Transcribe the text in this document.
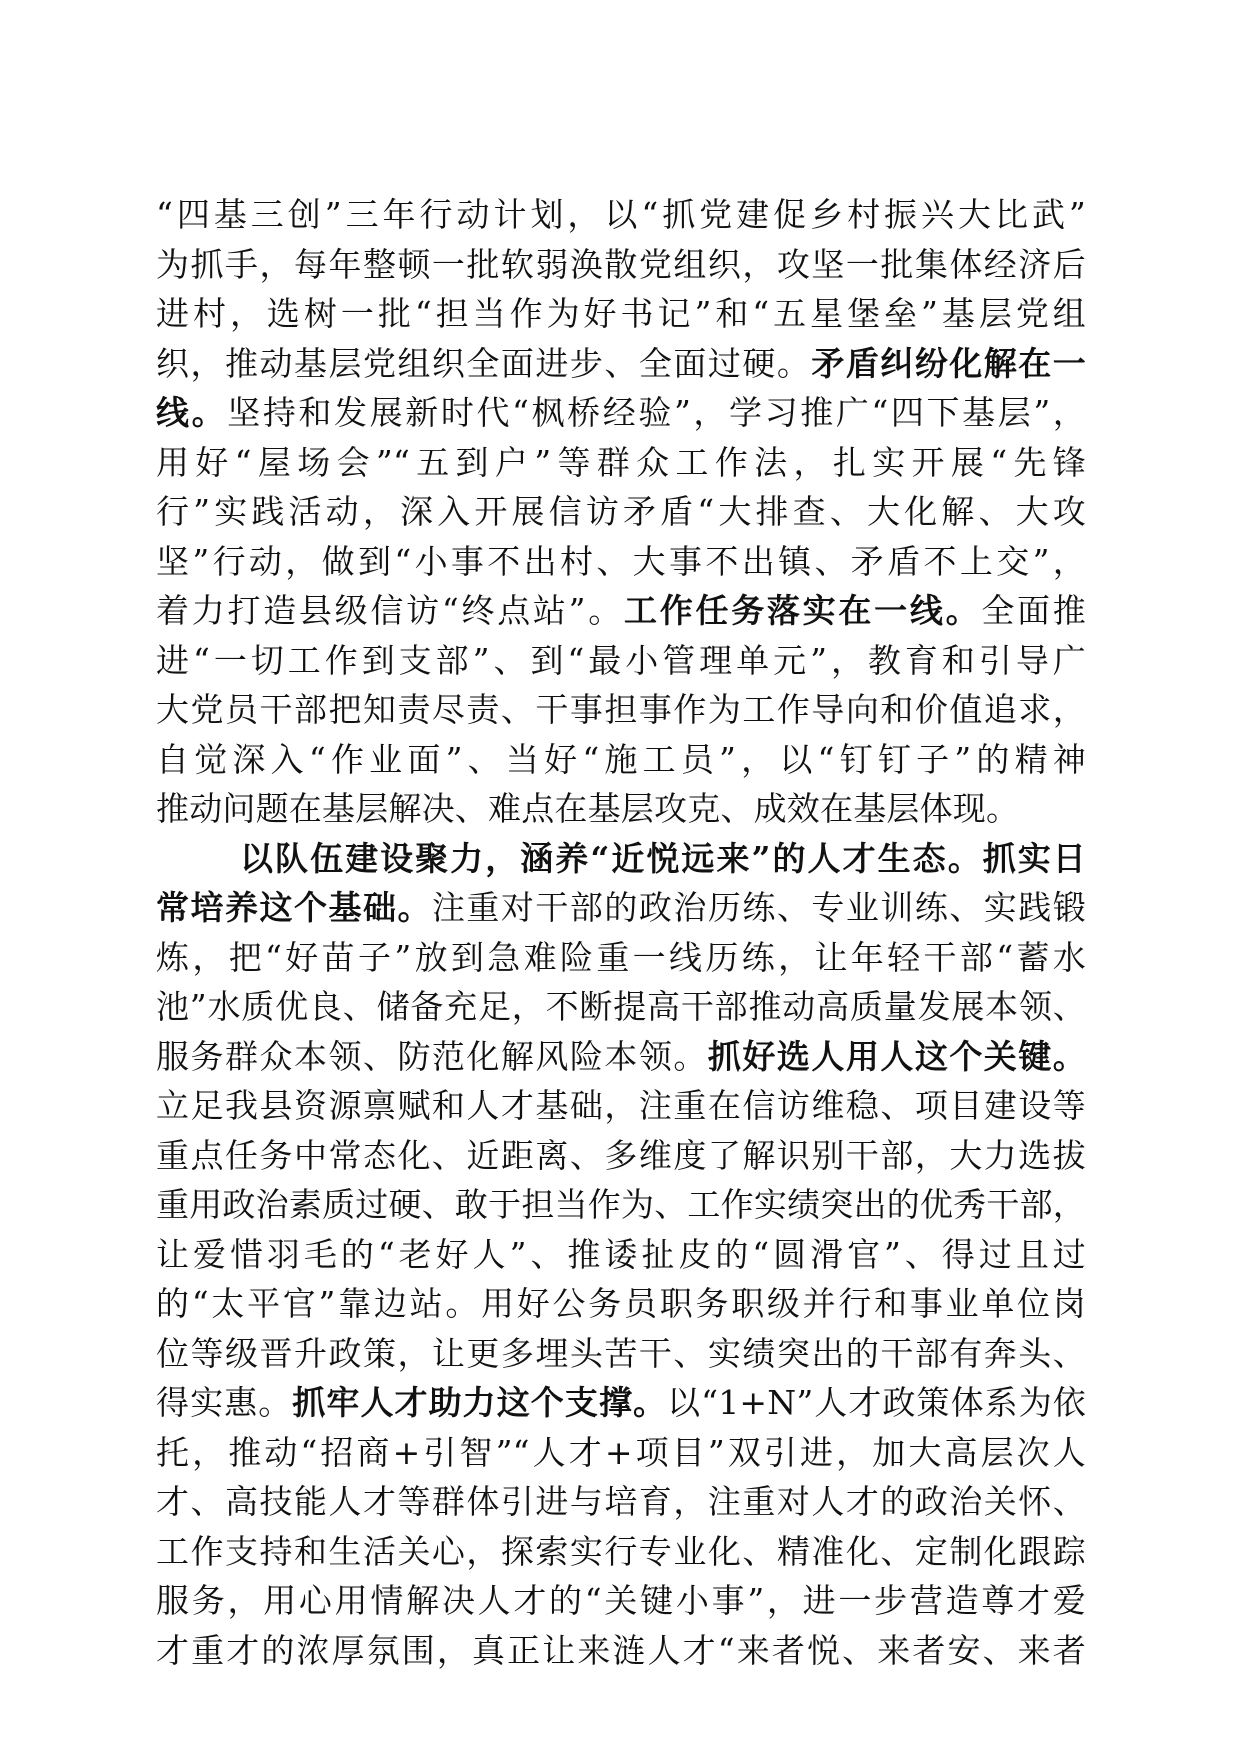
“四基三创”三年行动计划，以“抓党建促乡村振兴大比武”
为抓手，每年整顿一批软弱涣散党组织，攻坚一批集体经济后
进村，选树一批“担当作为好书记”和“五星堡垒”基层党组
织，推动基层党组织全面进步、全面过硬。矛盾纠纷化解在一
线。坚持和发展新时代“枫桥经验”，学习推广“四下基层”，
用好“屋场会”“五到户”等群众工作法，扎实开展“先锋
行”实践活动，深入开展信访矛盾“大排查、大化解、大攻
坚”行动，做到“小事不出村、大事不出镇、矛盾不上交”，
着力打造县级信访“终点站”。工作任务落实在一线。全面推
进“一切工作到支部”、到“最小管理单元”，教育和引导广
大党员干部把知责尽责、干事担事作为工作导向和价值追求，
自觉深入“作业面”、当好“施工员”，以“钉钉子”的精神
推动问题在基层解决、难点在基层攻克、成效在基层体现。
以队伍建设聚力，涵养“近悦远来”的人才生态。抓实日
常培养这个基础。注重对干部的政治历练、专业训练、实践锻
炼，把“好苗子”放到急难险重一线历练，让年轻干部“蓄水
池”水质优良、储备充足，不断提高干部推动高质量发展本领、
服务群众本领、防范化解风险本领。抓好选人用人这个关键。
立足我县资源禀赋和人才基础，注重在信访维稳、项目建设等
重点任务中常态化、近距离、多维度了解识别干部，大力选拔
重用政治素质过硬、敢于担当作为、工作实绩突出的优秀干部，
让爱惜羽毛的“老好人”、推诿扯皮的“圆滑官”、得过且过
的“太平官”靠边站。用好公务员职务职级并行和事业单位岗
位等级晋升政策，让更多埋头苦干、实绩突出的干部有奔头、
得实惠。抓牢人才助力这个支撑。以“1+N”人才政策体系为依
托，推动“招商+引智”“人才+项目”双引进，加大高层次人
才、高技能人才等群体引进与培育，注重对人才的政治关怀、
工作支持和生活关心，探索实行专业化、精准化、定制化跟踪
服务，用心用情解决人才的“关键小事”，进一步营造尊才爱
才重才的浓厚氛围，真正让来涟人才“来者悦、来者安、来者
